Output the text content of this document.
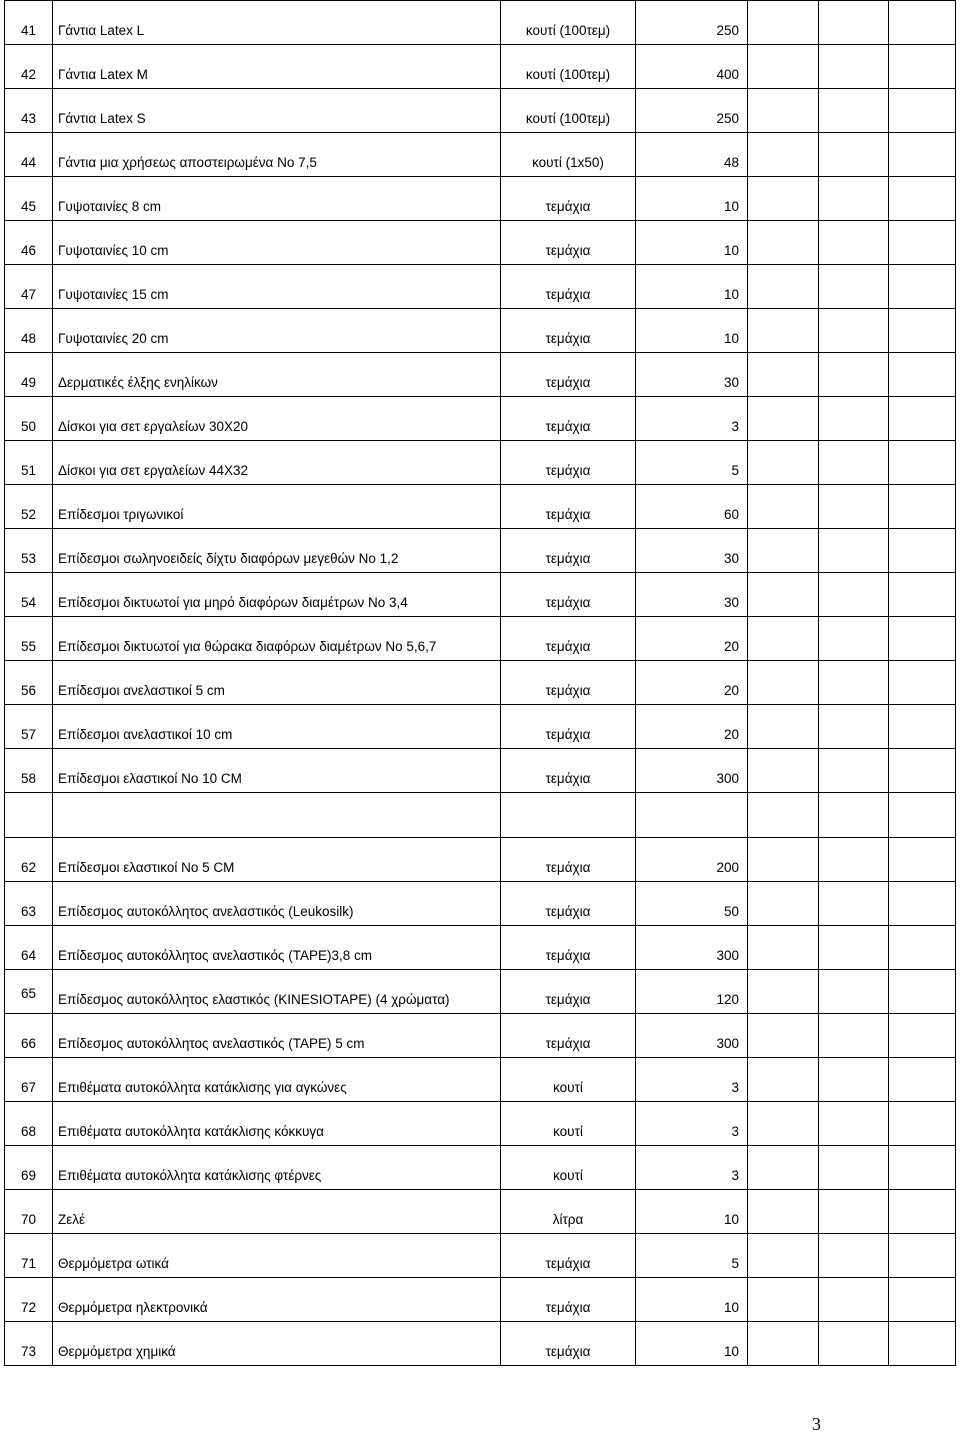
41	Γάντια Latex L	κουτί (100τεμ)	250			
42	Γάντια Latex M	κουτί (100τεμ)	400			
43	Γάντια Latex S	κουτί (100τεμ)	250			
44	Γάντια μια χρήσεως αποστειρωμένα Νο 7,5	κουτί (1x50)	48			
45	Γυψοταινίες 8 cm	τεμάχια	10			
46	Γυψοταινίες 10 cm	τεμάχια	10			
47	Γυψοταινίες 15 cm	τεμάχια	10			
48	Γυψοταινίες 20 cm	τεμάχια	10			
49	Δερματικές έλξης ενηλίκων	τεμάχια	30			
50	Δίσκοι για σετ εργαλείων 30Χ20	τεμάχια	3			
51	Δίσκοι για σετ εργαλείων 44Χ32	τεμάχια	5			
52	Επίδεσμοι τριγωνικοί	τεμάχια	60			
53	Επίδεσμοι σωληνοειδείς δίχτυ διαφόρων μεγεθών Νο 1,2	τεμάχια	30			
54	Επίδεσμοι δικτυωτοί για μηρό διαφόρων διαμέτρων Νο 3,4	τεμάχια	30			
55	Επίδεσμοι δικτυωτοί για θώρακα διαφόρων διαμέτρων Νο 5,6,7	τεμάχια	20			
56	Επίδεσμοι ανελαστικοί 5 cm	τεμάχια	20			
57	Επίδεσμοι ανελαστικοί 10 cm	τεμάχια	20			
58	Επίδεσμοι ελαστικοί Νο 10 CM	τεμάχια	300			

62	Επίδεσμοι ελαστικοί Νο 5 CM	τεμάχια	200			
63	Επίδεσμος αυτοκόλλητος ανελαστικός (Leukosilk)	τεμάχια	50			
64	Επίδεσμος αυτοκόλλητος ανελαστικός (TAPE)3,8 cm	τεμάχια	300			
65	Επίδεσμος αυτοκόλλητος ελαστικός (KINESIOTAPE) (4 χρώματα)	τεμάχια	120			
66	Επίδεσμος αυτοκόλλητος ανελαστικός (TAPE) 5 cm	τεμάχια	300			
67	Επιθέματα αυτοκόλλητα κατάκλισης για αγκώνες	κουτί	3			
68	Επιθέματα αυτοκόλλητα κατάκλισης κόκκυγα	κουτί	3			
69	Επιθέματα αυτοκόλλητα κατάκλισης φτέρνες	κουτί	3			
70	Ζελέ	λίτρα	10			
71	Θερμόμετρα ωτικά	τεμάχια	5			
72	Θερμόμετρα ηλεκτρονικά	τεμάχια	10			
73	Θερμόμετρα χημικά	τεμάχια	10			
3
